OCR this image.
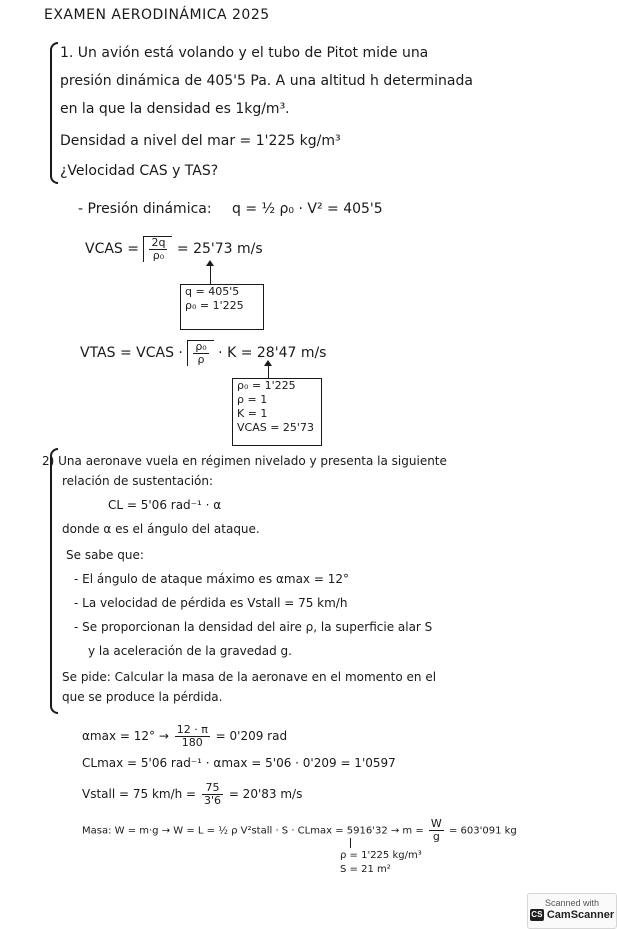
EXAMEN AERODINÁMICA 2025
1. Un avión está volando y el tubo de Pitot mide una
presión dinámica de 405'5 Pa. A una altitud h determinada
en la que la densidad es 1kg/m³.
Densidad a nivel del mar = 1'225 kg/m³
¿Velocidad CAS y TAS?
- Presión dinámica: q = ½ ρ₀ · V² = 405'5
VCAS = $\frac{2q}{\text{ρ₀}} = 25'73$ m/s
q = 405'5
ρ₀ = 1'225
VTAS = VCAS · $\frac{\text{ρ₀}}{\rho} \cdot K = 28'47$ m/s
ρ₀ = 1'225
ρ = 1
K = 1
VCAS = 25'73
2) Una aeronave vuela en régimen nivelado y presenta la siguiente
relación de sustentación:
CL = 5'06 rad⁻¹ · α
donde α es el ángulo del ataque.
Se sabe que:
- El ángulo de ataque máximo es αmax = 12°
- La velocidad de pérdida es Vstall = 75 km/h
- Se proporcionan la densidad del aire ρ, la superficie alar S
y la aceleración de la gravedad g.
Se pide: Calcular la masa de la aeronave en el momento en el
que se produce la pérdida.
$\alpha\max = 12^\circ \to \frac{12 \cdot \pi}{180} = 0'209$ rad
CLmax = 5'06 rad⁻¹ · αmax = 5'06 · 0'209 = 1'0597
Vstall = 75 $km/h = \frac{75}{3'6} = 20'83$ m/s
Masa: W = m·g → W = L = ½ ρ V²stall · $S \cdot CLmax = 5916'32 \to m = \frac{W}{g} = 603'091$ kg
ρ = 1'225 kg/m³
S = 21 m²
Scanned with
CS CamScanner
